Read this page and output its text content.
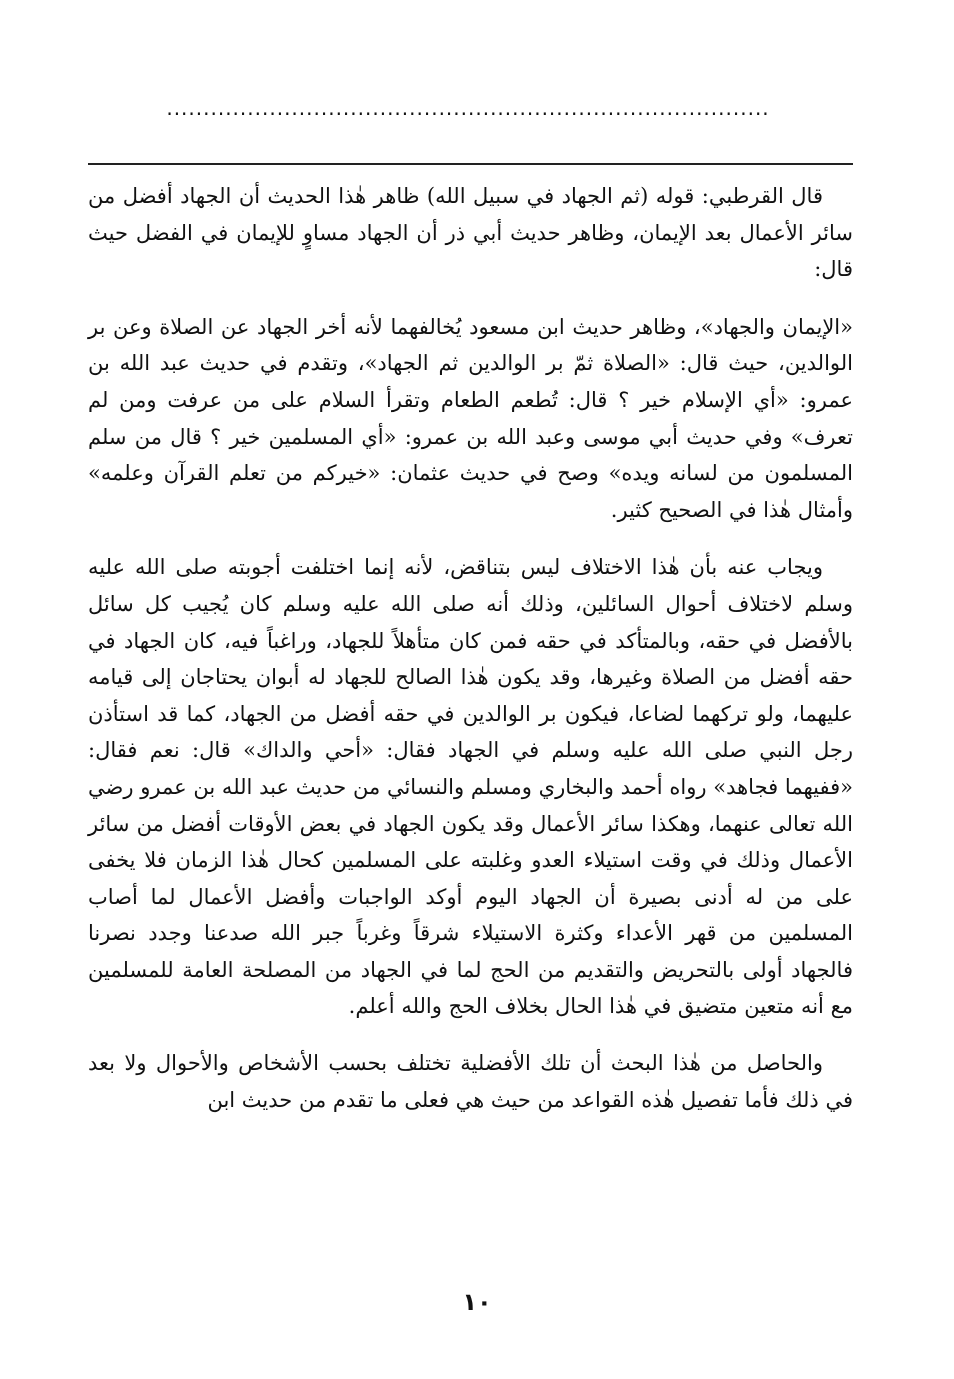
..................................................................................

قال القرطبي: قوله (ثم الجهاد في سبيل الله) ظاهر هٰذا الحديث أن الجهاد أفضل من سائر الأعمال بعد الإيمان، وظاهر حديث أبي ذر أن الجهاد مساوٍ للإيمان في الفضل حيث قال:

«الإيمان والجهاد»، وظاهر حديث ابن مسعود يُخالفهما لأنه أخر الجهاد عن الصلاة وعن بر الوالدين، حيث قال: «الصلاة ثمّ بر الوالدين ثم الجهاد»، وتقدم في حديث عبد الله بن عمرو: «أي الإسلام خير ؟ قال: تُطعم الطعام وتقرأ السلام على من عرفت ومن لم تعرف» وفي حديث أبي موسى وعبد الله بن عمرو: «أي المسلمين خير ؟ قال من سلم المسلمون من لسانه ويده» وصح في حديث عثمان: «خيركم من تعلم القرآن وعلمه» وأمثال هٰذا في الصحيح كثير.

ويجاب عنه بأن هٰذا الاختلاف ليس بتناقض، لأنه إنما اختلفت أجوبته صلى الله عليه وسلم لاختلاف أحوال السائلين، وذلك أنه صلى الله عليه وسلم كان يُجيب كل سائل بالأفضل في حقه، وبالمتأكد في حقه فمن كان متأهلاً للجهاد، وراغباً فيه، كان الجهاد في حقه أفضل من الصلاة وغيرها، وقد يكون هٰذا الصالح للجهاد له أبوان يحتاجان إلى قيامه عليهما، ولو تركهما لضاعا، فيكون بر الوالدين في حقه أفضل من الجهاد، كما قد استأذن رجل النبي صلى الله عليه وسلم في الجهاد فقال: «أحي والداك» قال: نعم فقال: «ففيهما فجاهد» رواه أحمد والبخاري ومسلم والنسائي من حديث عبد الله بن عمرو رضي الله تعالى عنهما، وهكذا سائر الأعمال وقد يكون الجهاد في بعض الأوقات أفضل من سائر الأعمال وذلك في وقت استيلاء العدو وغلبته على المسلمين كحال هٰذا الزمان فلا يخفى على من له أدنى بصيرة أن الجهاد اليوم أوكد الواجبات وأفضل الأعمال لما أصاب المسلمين من قهر الأعداء وكثرة الاستيلاء شرقاً وغرباً جبر الله صدعنا وجدد نصرنا فالجهاد أولى بالتحريض والتقديم من الحج لما في الجهاد من المصلحة العامة للمسلمين مع أنه متعين متضيق في هٰذا الحال بخلاف الحج والله أعلم.

والحاصل من هٰذا البحث أن تلك الأفضلية تختلف بحسب الأشخاص والأحوال ولا بعد في ذلك فأما تفصيل هٰذه القواعد من حيث هي فعلى ما تقدم من حديث ابن

١٠
